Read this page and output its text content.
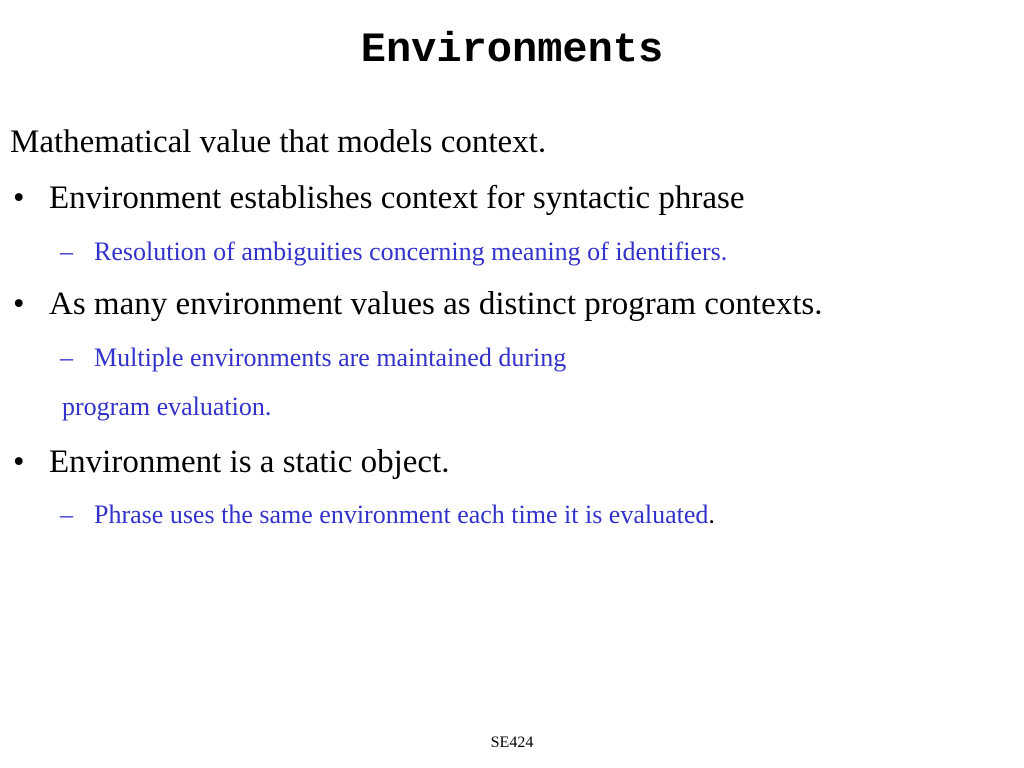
Environments
Mathematical value that models context.
• Environment establishes context for syntactic phrase
– Resolution of ambiguities concerning meaning of identifiers.
• As many environment values as distinct program contexts.
– Multiple environments are maintained during
program evaluation.
• Environment is a static object.
– Phrase uses the same environment each time it is evaluated.
SE424
